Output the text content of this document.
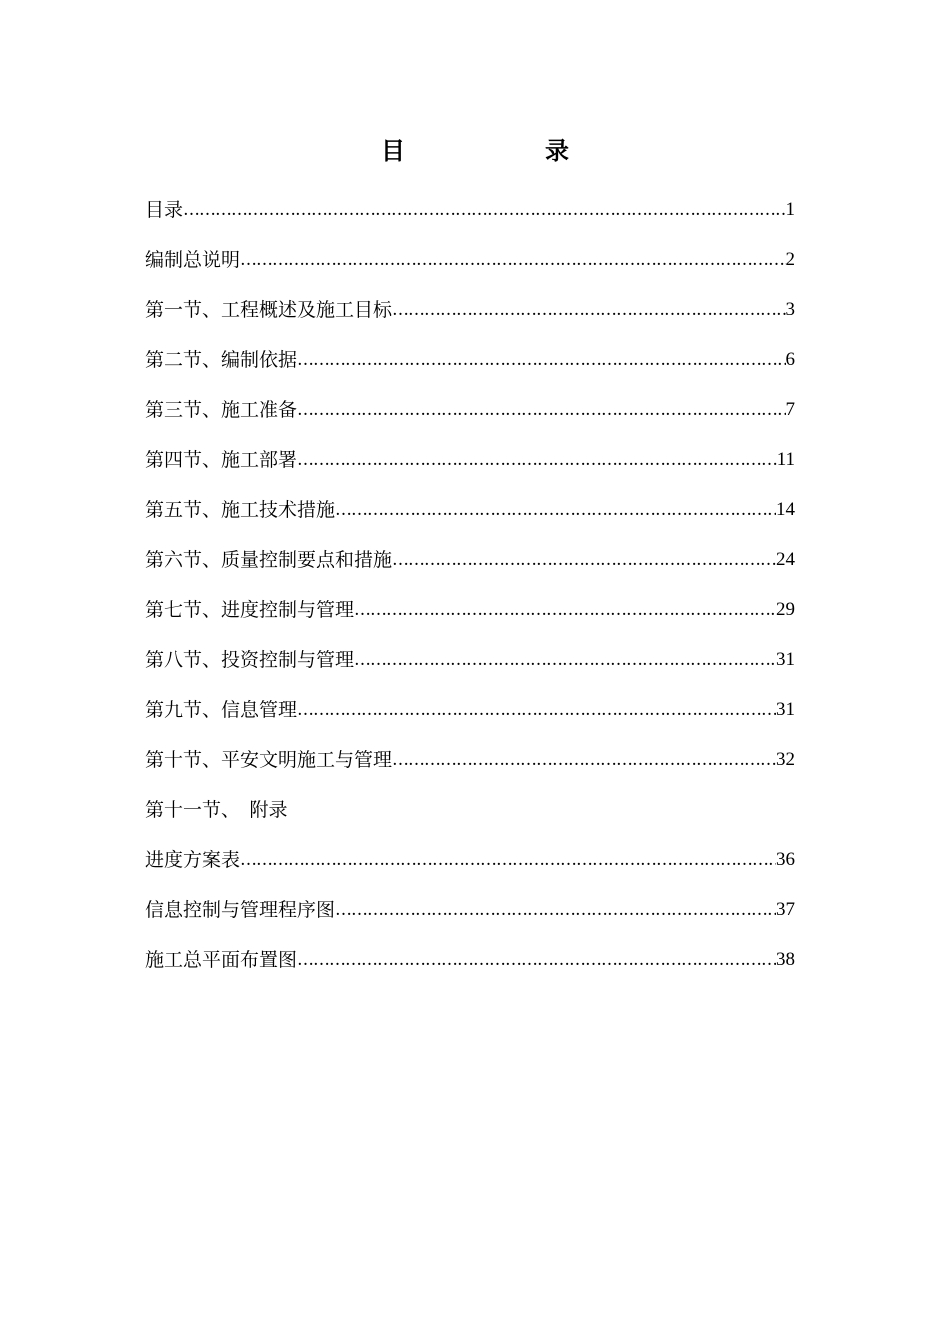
目	录
目录 …………………………………………………………………………………………………………………………………………………………	1
编制总说明 …………………………………………………………………………………………………………………………………………………………	2
第一节、工程概述及施工目标 …………………………………………………………………………………………………………………………………………………………	3
第二节、编制依据 …………………………………………………………………………………………………………………………………………………………	6
第三节、施工准备 …………………………………………………………………………………………………………………………………………………………	7
第四节、施工部署 …………………………………………………………………………………………………………………………………………………………	11
第五节、施工技术措施 …………………………………………………………………………………………………………………………………………………………	14
第六节、质量控制要点和措施 …………………………………………………………………………………………………………………………………………………………	24
第七节、进度控制与管理 …………………………………………………………………………………………………………………………………………………………	29
第八节、投资控制与管理 …………………………………………………………………………………………………………………………………………………………	31
第九节、信息管理 …………………………………………………………………………………………………………………………………………………………	31
第十节、平安文明施工与管理 …………………………………………………………………………………………………………………………………………………………	32
第十一节、　附录
进度方案表 …………………………………………………………………………………………………………………………………………………………	36
信息控制与管理程序图 …………………………………………………………………………………………………………………………………………………………	37
施工总平面布置图 …………………………………………………………………………………………………………………………………………………………	38
